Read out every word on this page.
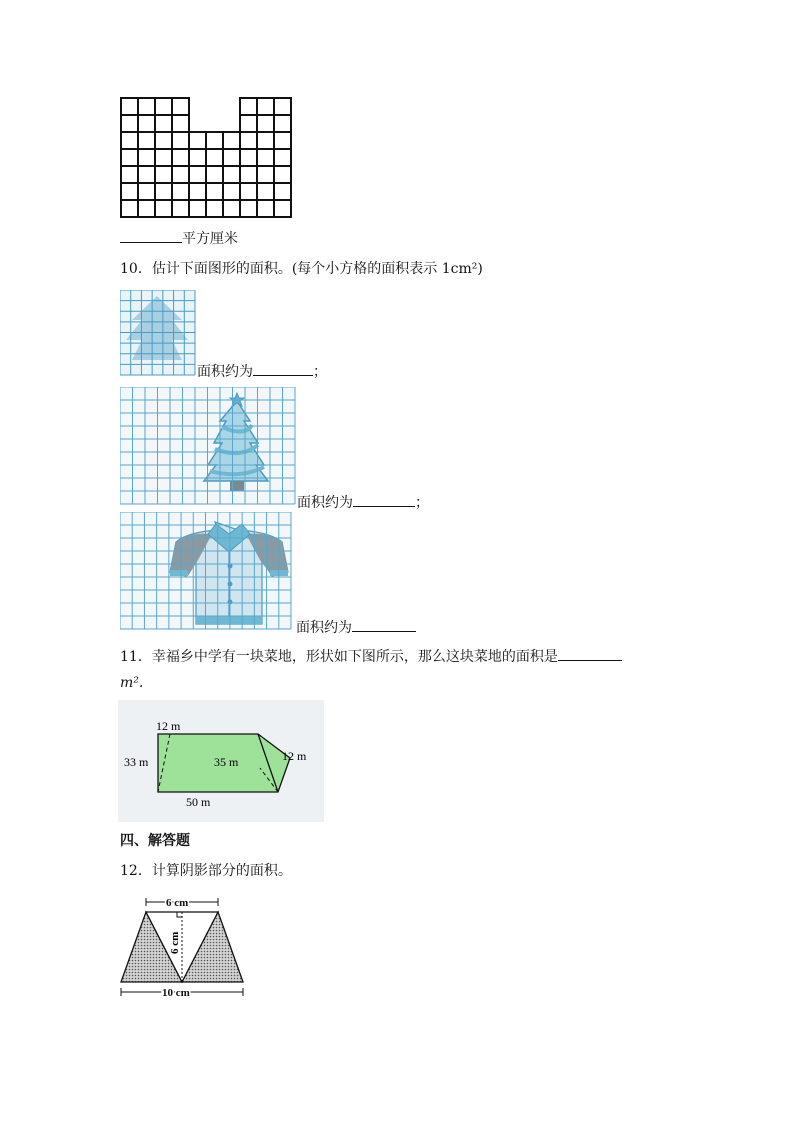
平方厘米
10．估计下面图形的面积。(每个小方格的面积表示 1cm²)
面积约为	；
面积约为	；
面积约为
11．幸福乡中学有一块菜地，形状如下图所示，那么这块菜地的面积是
m².
12 m
33 m	35 m	12 m
50 m
四、解答题
12．计算阴影部分的面积。
6 cm
6 cm
10 cm
